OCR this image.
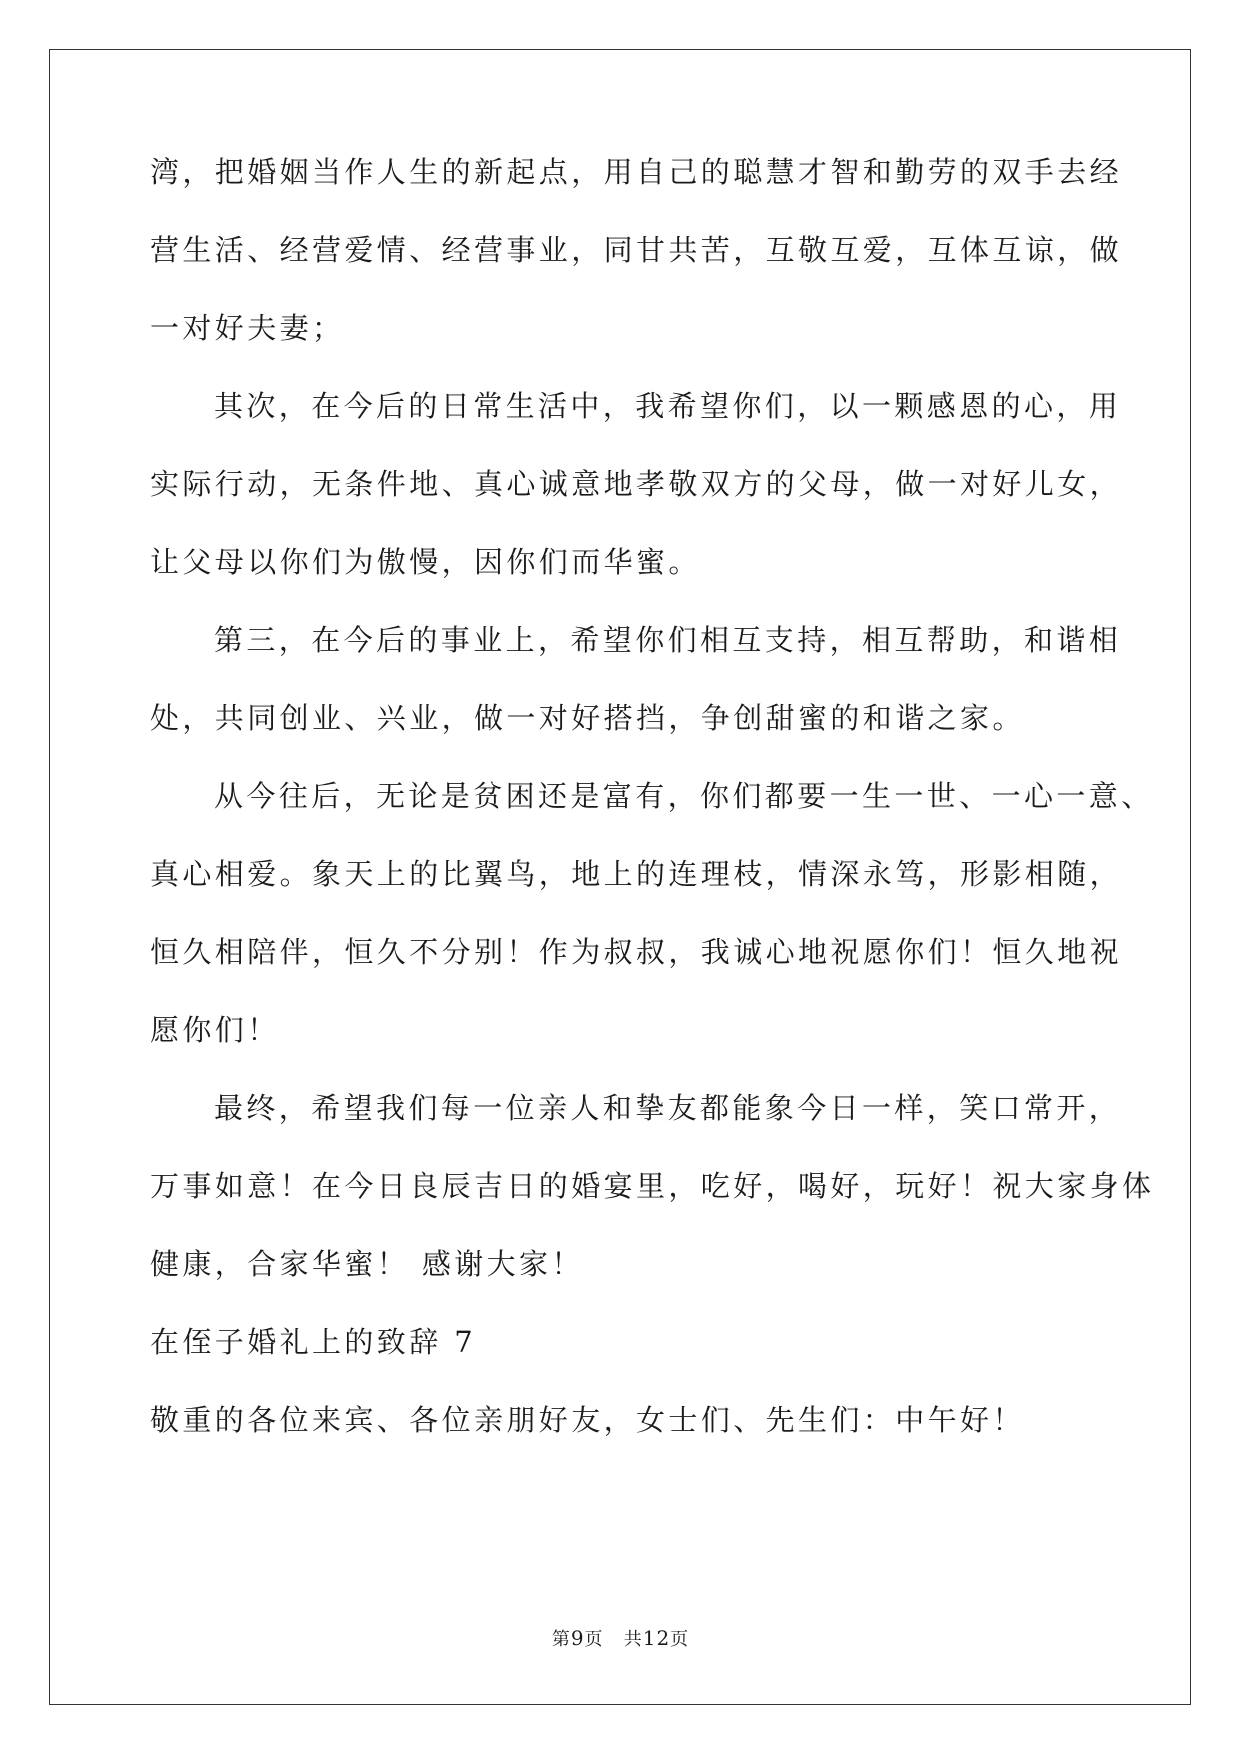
湾，把婚姻当作人生的新起点，用自己的聪慧才智和勤劳的双手去经
营生活、经营爱情、经营事业，同甘共苦，互敬互爱，互体互谅，做
一对好夫妻；
其次，在今后的日常生活中，我希望你们，以一颗感恩的心，用
实际行动，无条件地、真心诚意地孝敬双方的父母，做一对好儿女，
让父母以你们为傲慢，因你们而华蜜。
第三，在今后的事业上，希望你们相互支持，相互帮助，和谐相
处，共同创业、兴业，做一对好搭挡，争创甜蜜的和谐之家。
从今往后，无论是贫困还是富有，你们都要一生一世、一心一意、
真心相爱。象天上的比翼鸟，地上的连理枝，情深永笃，形影相随，
恒久相陪伴，恒久不分别！作为叔叔，我诚心地祝愿你们！恒久地祝
愿你们！
最终，希望我们每一位亲人和挚友都能象今日一样，笑口常开，
万事如意！在今日良辰吉日的婚宴里，吃好，喝好，玩好！祝大家身体
健康，合家华蜜！ 感谢大家！
在侄子婚礼上的致辞 7
敬重的各位来宾、各位亲朋好友，女士们、先生们：中午好！
第9页   共12页
